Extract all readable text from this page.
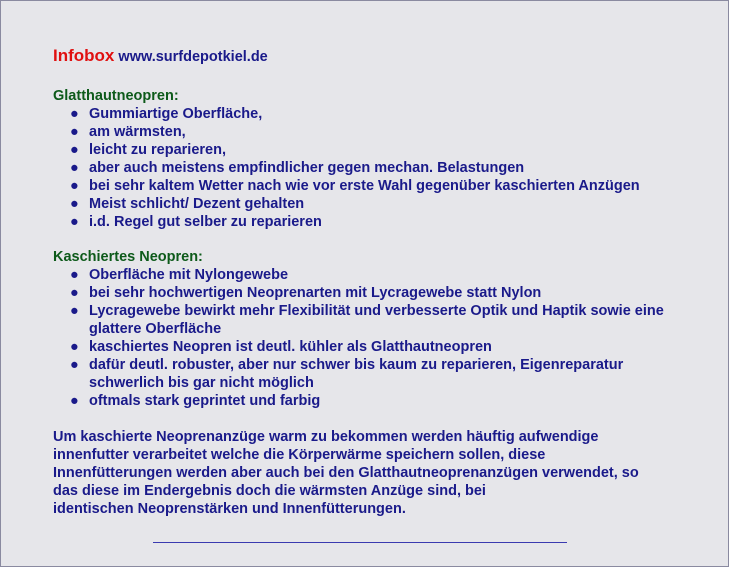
Infobox www.surfdepotkiel.de
Glatthautneopren:
● Gummiartige Oberfläche,
● am wärmsten,
● leicht zu reparieren,
● aber auch meistens empfindlicher gegen mechan. Belastungen
● bei sehr kaltem Wetter nach wie vor erste Wahl gegenüber kaschierten Anzügen
● Meist schlicht/ Dezent gehalten
● i.d. Regel gut selber zu reparieren
Kaschiertes Neopren:
● Oberfläche mit Nylongewebe
● bei sehr hochwertigen Neoprenarten mit Lycragewebe statt Nylon
● Lycragewebe bewirkt mehr Flexibilität und verbesserte Optik und Haptik sowie eine glattere Oberfläche
● kaschiertes Neopren ist deutl. kühler als Glatthautneopren
● dafür deutl. robuster, aber nur schwer bis kaum zu reparieren, Eigenreparatur schwerlich bis gar nicht möglich
● oftmals stark geprintet und farbig
Um kaschierte Neoprenanzüge warm zu bekommen werden häuftig aufwendige
innenfutter verarbeitet welche die Körperwärme speichern sollen, diese
Innenfütterungen werden aber auch bei den Glatthautneoprenanzügen verwendet, so
das diese im Endergebnis doch die wärmsten Anzüge sind, bei
identischen Neoprenstärken und Innenfütterungen.
